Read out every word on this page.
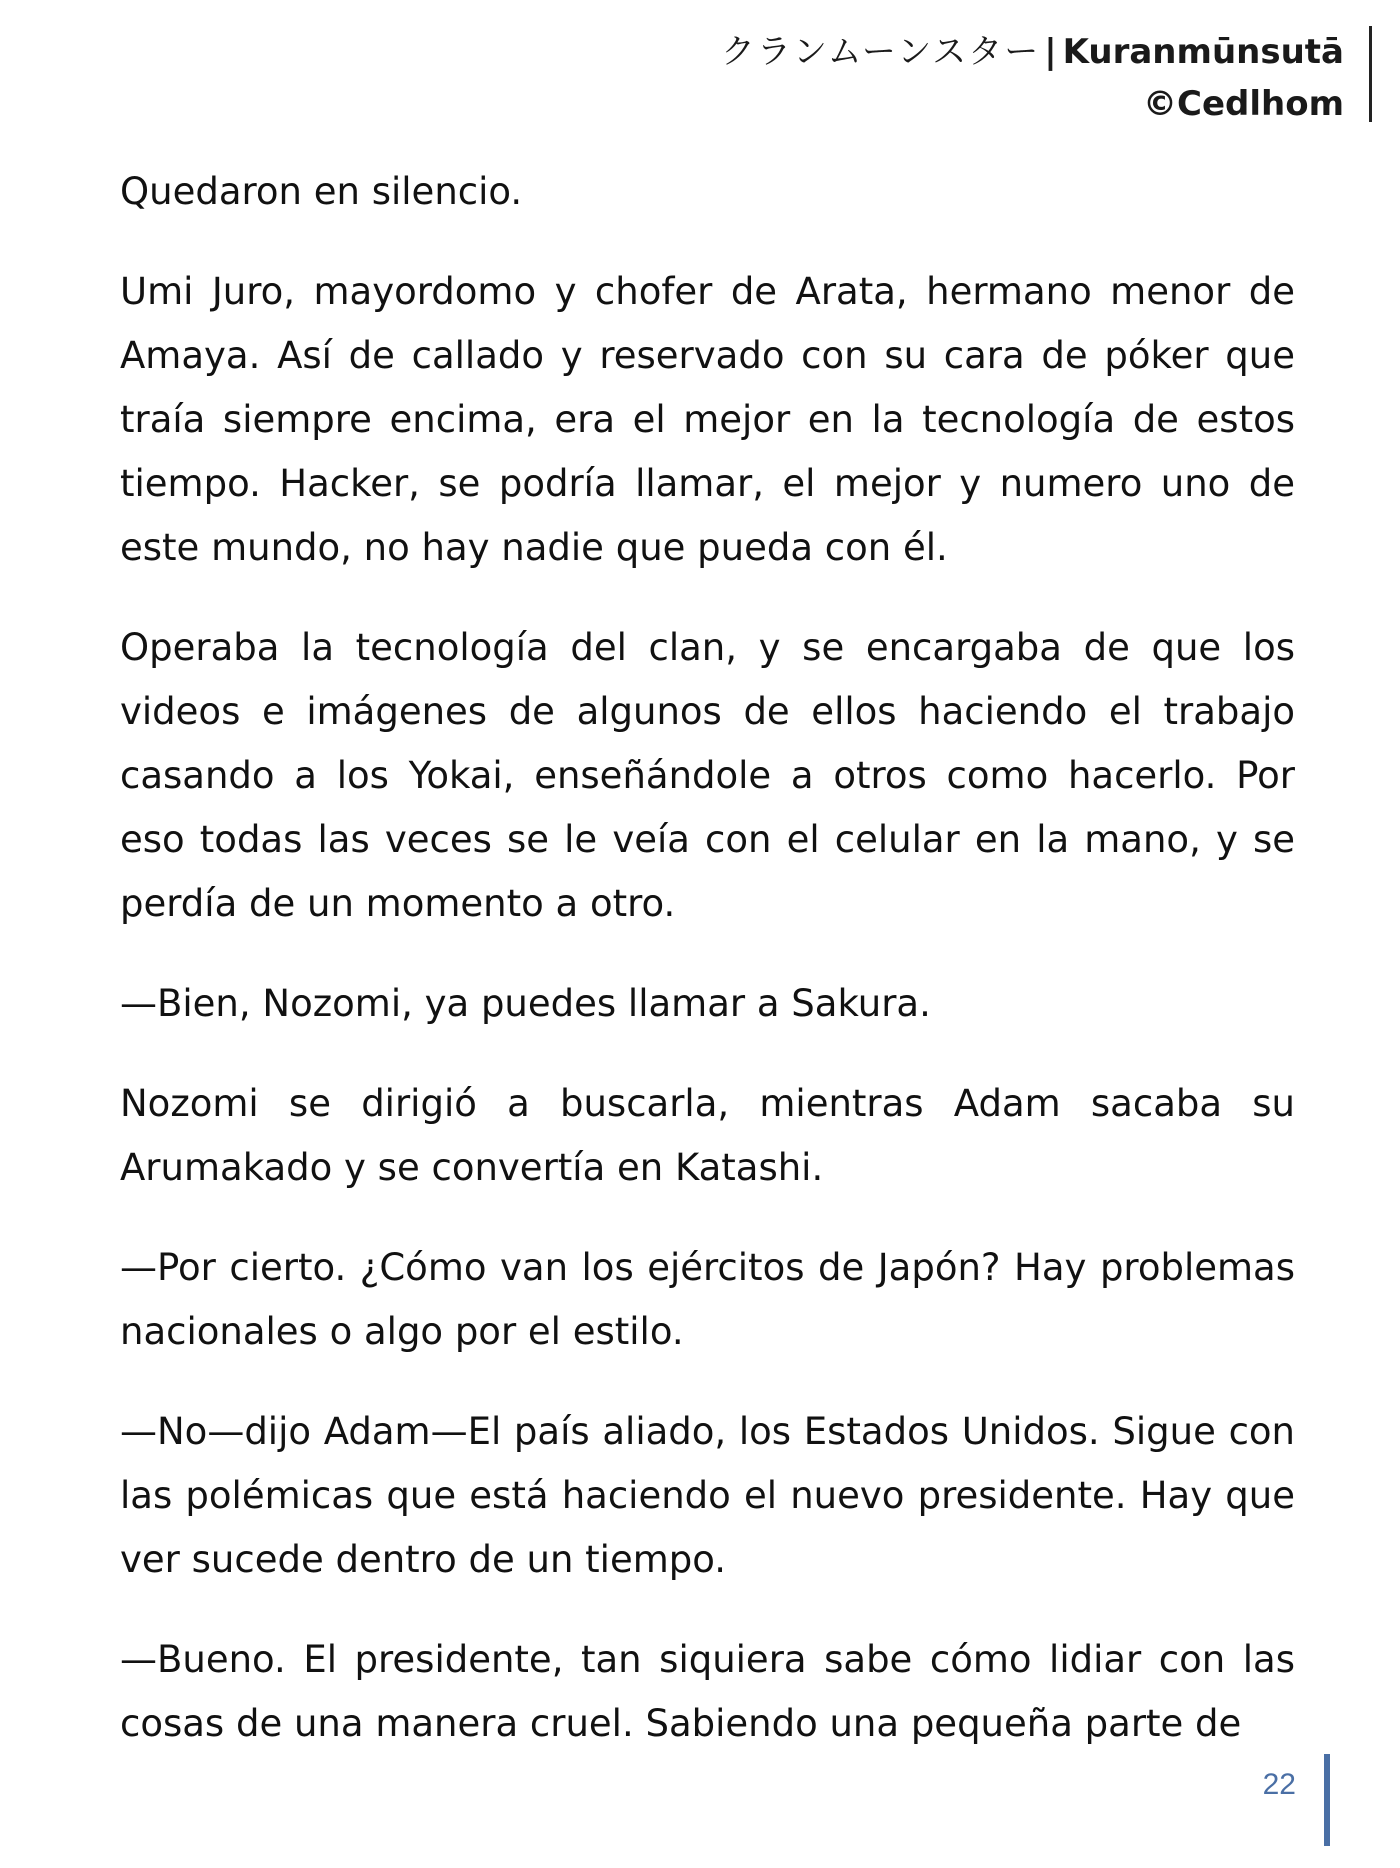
クランムーンスター | Kuranmūnsutā
©Cedlhom

Quedaron en silencio.

Umi Juro, mayordomo y chofer de Arata, hermano menor de Amaya. Así de callado y reservado con su cara de póker que traía siempre encima, era el mejor en la tecnología de estos tiempo. Hacker, se podría llamar, el mejor y numero uno de este mundo, no hay nadie que pueda con él.

Operaba la tecnología del clan, y se encargaba de que los videos e imágenes de algunos de ellos haciendo el trabajo casando a los Yokai, enseñándole a otros como hacerlo. Por eso todas las veces se le veía con el celular en la mano, y se perdía de un momento a otro.

—Bien, Nozomi, ya puedes llamar a Sakura.

Nozomi se dirigió a buscarla, mientras Adam sacaba su Arumakado y se convertía en Katashi.

—Por cierto. ¿Cómo van los ejércitos de Japón? Hay problemas nacionales o algo por el estilo.

—No—dijo Adam—El país aliado, los Estados Unidos. Sigue con las polémicas que está haciendo el nuevo presidente. Hay que ver sucede dentro de un tiempo.

—Bueno. El presidente, tan siquiera sabe cómo lidiar con las cosas de una manera cruel. Sabiendo una pequeña parte de

22
